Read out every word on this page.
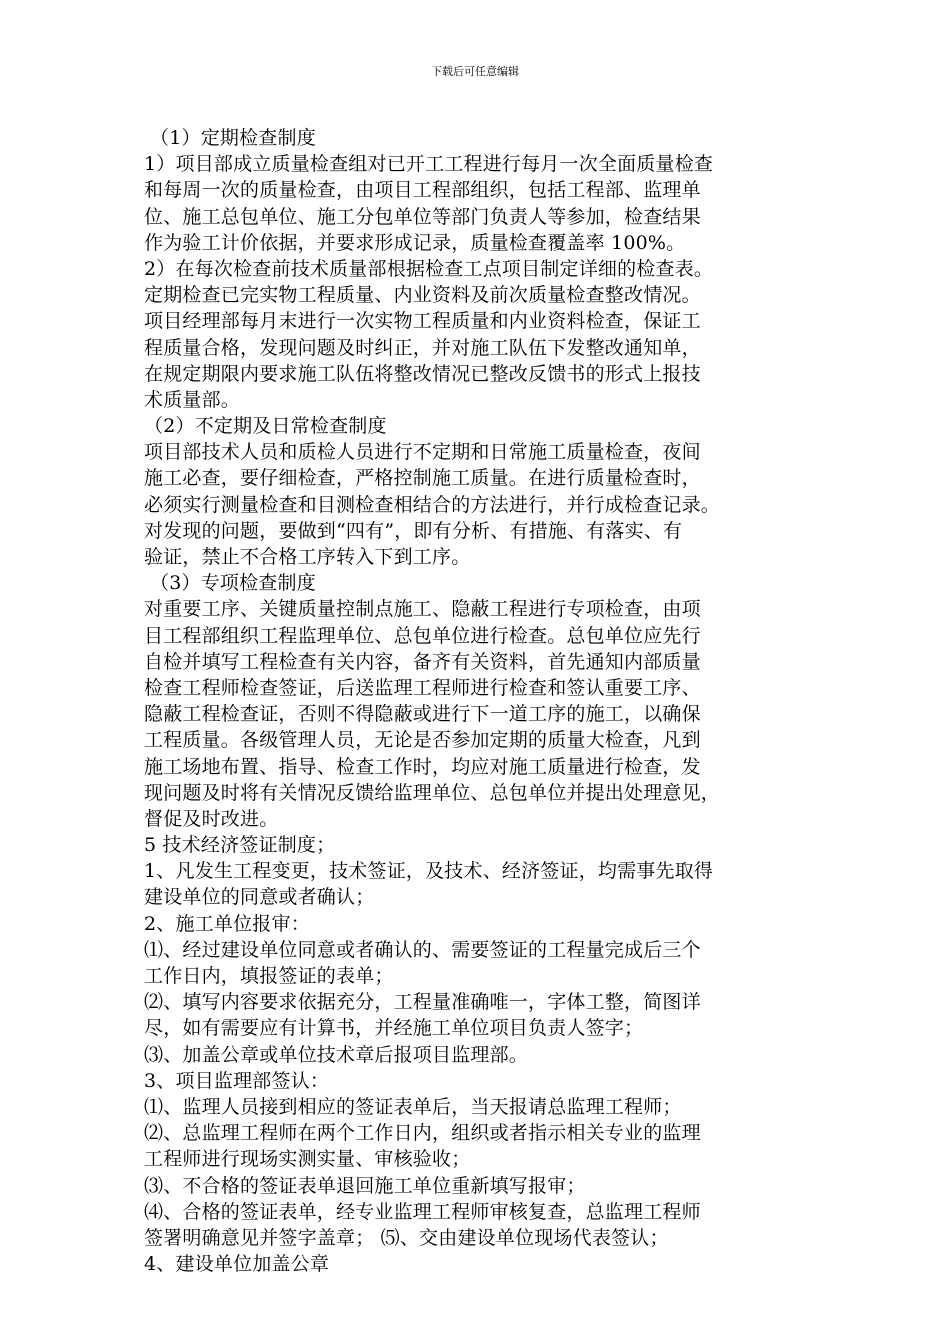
下载后可任意编辑
（1）定期检查制度
1）项目部成立质量检查组对已开工工程进行每月一次全面质量检查
和每周一次的质量检查，由项目工程部组织，包括工程部、监理单
位、施工总包单位、施工分包单位等部门负责人等参加，检查结果
作为验工计价依据，并要求形成记录，质量检查覆盖率 100%。
2）在每次检查前技术质量部根据检查工点项目制定详细的检查表。
定期检查已完实物工程质量、内业资料及前次质量检查整改情况。
项目经理部每月末进行一次实物工程质量和内业资料检查，保证工
程质量合格，发现问题及时纠正，并对施工队伍下发整改通知单，
在规定期限内要求施工队伍将整改情况已整改反馈书的形式上报技
术质量部。
（2）不定期及日常检查制度
项目部技术人员和质检人员进行不定期和日常施工质量检查，夜间
施工必查，要仔细检查，严格控制施工质量。在进行质量检查时，
必须实行测量检查和目测检查相结合的方法进行，并行成检查记录。
对发现的问题，要做到“四有”，即有分析、有措施、有落实、有
验证，禁止不合格工序转入下到工序。
（3）专项检查制度
对重要工序、关键质量控制点施工、隐蔽工程进行专项检查，由项
目工程部组织工程监理单位、总包单位进行检查。总包单位应先行
自检并填写工程检查有关内容，备齐有关资料，首先通知内部质量
检查工程师检查签证，后送监理工程师进行检查和签认重要工序、
隐蔽工程检查证，否则不得隐蔽或进行下一道工序的施工，以确保
工程质量。各级管理人员，无论是否参加定期的质量大检查，凡到
施工场地布置、指导、检查工作时，均应对施工质量进行检查，发
现问题及时将有关情况反馈给监理单位、总包单位并提出处理意见，
督促及时改进。
5 技术经济签证制度；
1、凡发生工程变更，技术签证，及技术、经济签证，均需事先取得
建设单位的同意或者确认；
2、施工单位报审：
⑴、经过建设单位同意或者确认的、需要签证的工程量完成后三个
工作日内，填报签证的表单；
⑵、填写内容要求依据充分，工程量准确唯一，字体工整，简图详
尽，如有需要应有计算书，并经施工单位项目负责人签字；
⑶、加盖公章或单位技术章后报项目监理部。
3、项目监理部签认：
⑴、监理人员接到相应的签证表单后，当天报请总监理工程师；
⑵、总监理工程师在两个工作日内，组织或者指示相关专业的监理
工程师进行现场实测实量、审核验收；
⑶、不合格的签证表单退回施工单位重新填写报审；
⑷、合格的签证表单，经专业监理工程师审核复查，总监理工程师
签署明确意见并签字盖章； ⑸、交由建设单位现场代表签认；
4、建设单位加盖公章
